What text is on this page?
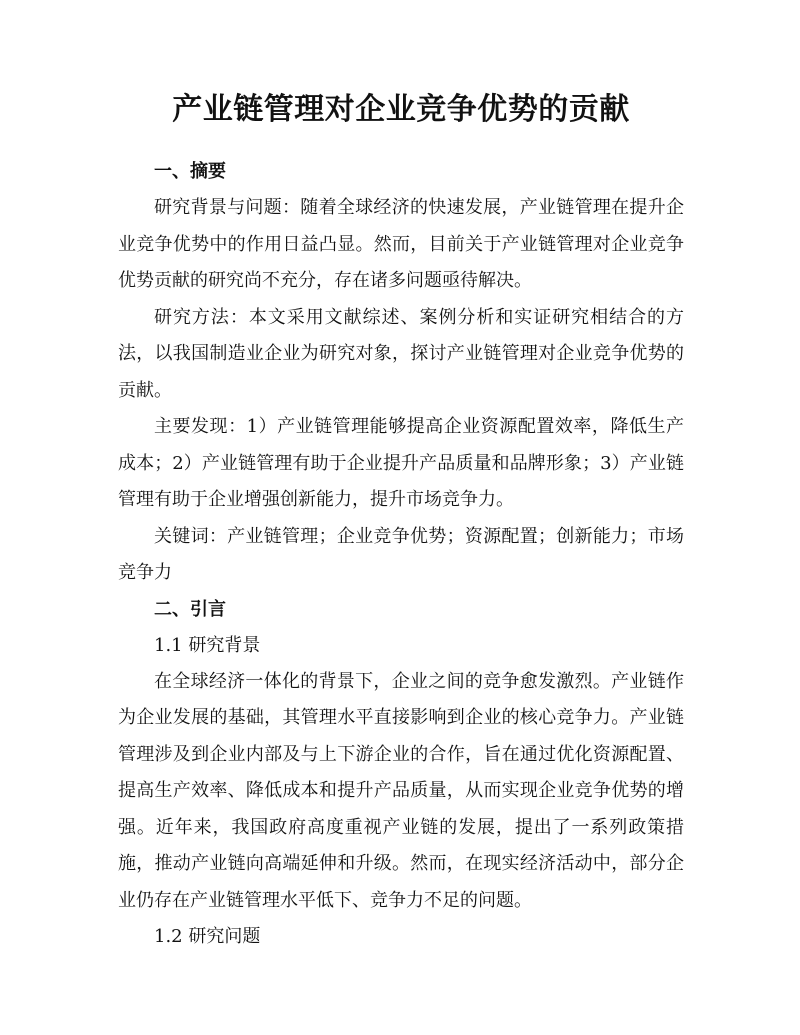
产业链管理对企业竞争优势的贡献
一、摘要

研究背景与问题：随着全球经济的快速发展，产业链管理在提升企业竞争优势中的作用日益凸显。然而，目前关于产业链管理对企业竞争优势贡献的研究尚不充分，存在诸多问题亟待解决。

研究方法：本文采用文献综述、案例分析和实证研究相结合的方法，以我国制造业企业为研究对象，探讨产业链管理对企业竞争优势的贡献。

主要发现：1）产业链管理能够提高企业资源配置效率，降低生产成本；2）产业链管理有助于企业提升产品质量和品牌形象；3）产业链管理有助于企业增强创新能力，提升市场竞争力。

关键词：产业链管理；企业竞争优势；资源配置；创新能力；市场竞争力

二、引言
1.1 研究背景

在全球经济一体化的背景下，企业之间的竞争愈发激烈。产业链作为企业发展的基础，其管理水平直接影响到企业的核心竞争力。产业链管理涉及到企业内部及与上下游企业的合作，旨在通过优化资源配置、提高生产效率、降低成本和提升产品质量，从而实现企业竞争优势的增强。近年来，我国政府高度重视产业链的发展，提出了一系列政策措施，推动产业链向高端延伸和升级。然而，在现实经济活动中，部分企业仍存在产业链管理水平低下、竞争力不足的问题。

1.2 研究问题
